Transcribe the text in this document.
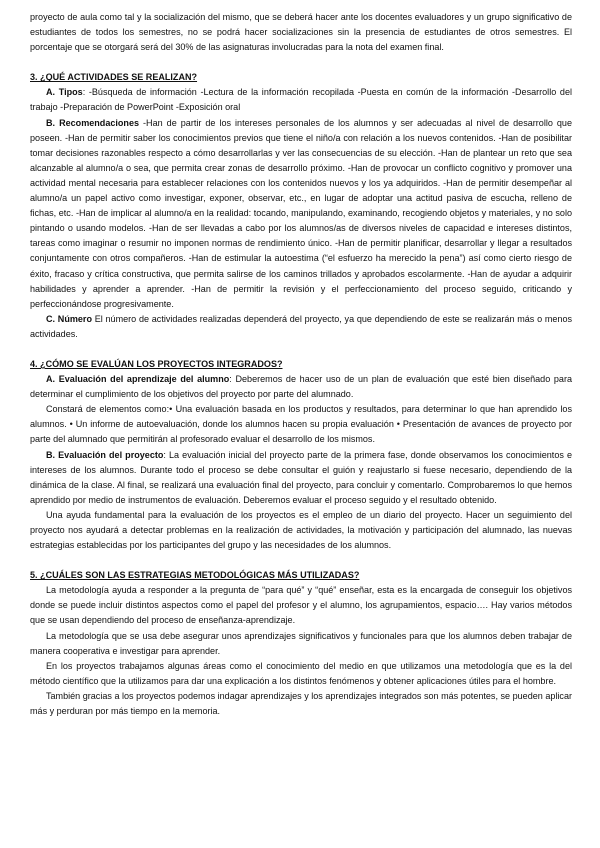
proyecto de aula como tal y la socialización del mismo, que se deberá hacer ante los docentes evaluadores y un grupo significativo de estudiantes de todos los semestres, no se podrá hacer socializaciones sin la presencia de estudiantes de otros semestres. El porcentaje que se otorgará será del 30% de las asignaturas involucradas para la nota del examen final.

3. ¿QUÉ ACTIVIDADES SE REALIZAN?

A. Tipos: -Búsqueda de información -Lectura de la información recopilada -Puesta en común de la información -Desarrollo del trabajo -Preparación de PowerPoint -Exposición oral

B. Recomendaciones -Han de partir de los intereses personales de los alumnos y ser adecuadas al nivel de desarrollo que poseen. -Han de permitir saber los conocimientos previos que tiene el niño/a con relación a los nuevos contenidos. -Han de posibilitar tomar decisiones razonables respecto a cómo desarrollarlas y ver las consecuencias de su elección. -Han de plantear un reto que sea alcanzable al alumno/a o sea, que permita crear zonas de desarrollo próximo. -Han de provocar un conflicto cognitivo y promover una actividad mental necesaria para establecer relaciones con los contenidos nuevos y los ya adquiridos. -Han de permitir desempeñar al alumno/a un papel activo como investigar, exponer, observar, etc., en lugar de adoptar una actitud pasiva de escucha, relleno de fichas, etc. -Han de implicar al alumno/a en la realidad: tocando, manipulando, examinando, recogiendo objetos y materiales, y no solo pintando o usando modelos. -Han de ser llevadas a cabo por los alumnos/as de diversos niveles de capacidad e intereses distintos, tareas como imaginar o resumir no imponen normas de rendimiento único. -Han de permitir planificar, desarrollar y llegar a resultados conjuntamente con otros compañeros. -Han de estimular la autoestima (“el esfuerzo ha merecido la pena”) así como cierto riesgo de éxito, fracaso y crítica constructiva, que permita salirse de los caminos trillados y aprobados escolarmente. -Han de ayudar a adquirir habilidades y aprender a aprender. -Han de permitir la revisión y el perfeccionamiento del proceso seguido, criticando y perfeccionándose progresivamente.

C. Número El número de actividades realizadas dependerá del proyecto, ya que dependiendo de este se realizarán más o menos actividades.

4. ¿CÓMO SE EVALÚAN LOS PROYECTOS INTEGRADOS?

A. Evaluación del aprendizaje del alumno: Deberemos de hacer uso de un plan de evaluación que esté bien diseñado para determinar el cumplimiento de los objetivos del proyecto por parte del alumnado.

Constará de elementos como:• Una evaluación basada en los productos y resultados, para determinar lo que han aprendido los alumnos. • Un informe de autoevaluación, donde los alumnos hacen su propia evaluación • Presentación de avances de proyecto por parte del alumnado que permitirán al profesorado evaluar el desarrollo de los mismos.

B. Evaluación del proyecto: La evaluación inicial del proyecto parte de la primera fase, donde observamos los conocimientos e intereses de los alumnos. Durante todo el proceso se debe consultar el guión y reajustarlo si fuese necesario, dependiendo de la dinámica de la clase. Al final, se realizará una evaluación final del proyecto, para concluir y comentarlo. Comprobaremos lo que hemos aprendido por medio de instrumentos de evaluación. Deberemos evaluar el proceso seguido y el resultado obtenido.

Una ayuda fundamental para la evaluación de los proyectos es el empleo de un diario del proyecto. Hacer un seguimiento del proyecto nos ayudará a detectar problemas en la realización de actividades, la motivación y participación del alumnado, las nuevas estrategias establecidas por los participantes del grupo y las necesidades de los alumnos.

5. ¿CUÁLES SON LAS ESTRATEGIAS METODOLÓGICAS MÁS UTILIZADAS?

La metodología ayuda a responder a la pregunta de “para qué” y “qué” enseñar, esta es la encargada de conseguir los objetivos donde se puede incluir distintos aspectos como el papel del profesor y el alumno, los agrupamientos, espacio…. Hay varios métodos que se usan dependiendo del proceso de enseñanza-aprendizaje.

La metodología que se usa debe asegurar unos aprendizajes significativos y funcionales para que los alumnos deben trabajar de manera cooperativa e investigar para aprender.

En los proyectos trabajamos algunas áreas como el conocimiento del medio en que utilizamos una metodología que es la del método científico que la utilizamos para dar una explicación a los distintos fenómenos y obtener aplicaciones útiles para el hombre.

También gracias a los proyectos podemos indagar aprendizajes y los aprendizajes integrados son más potentes, se pueden aplicar más y perduran por más tiempo en la memoria.
